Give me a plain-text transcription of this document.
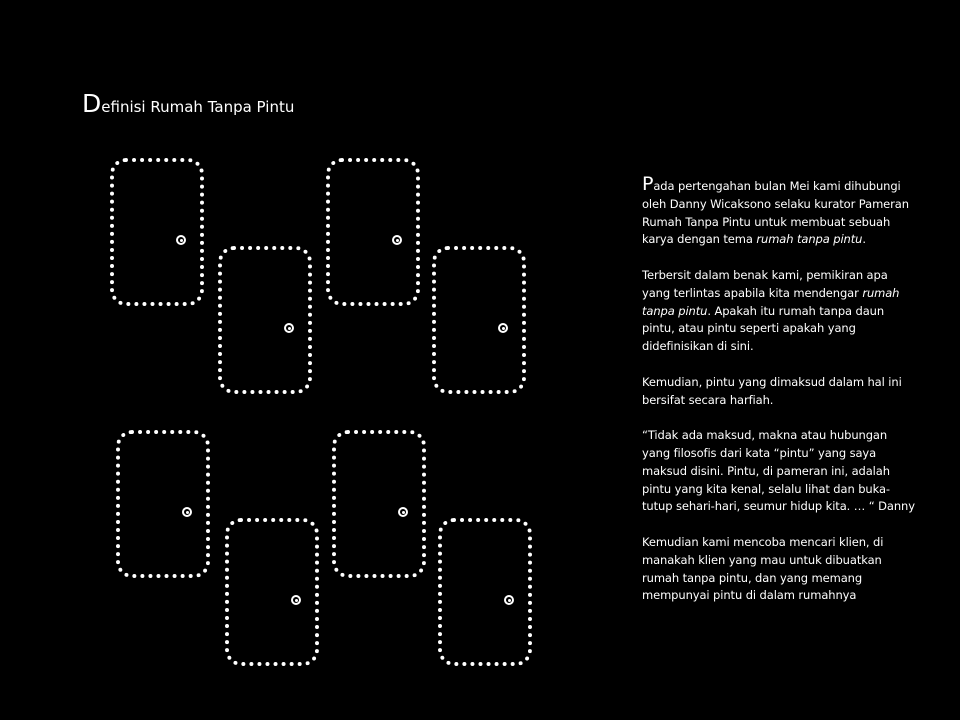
Definisi Rumah Tanpa Pintu

Pada pertengahan bulan Mei kami dihubungi oleh Danny Wicaksono selaku kurator Pameran Rumah Tanpa Pintu untuk membuat sebuah karya dengan tema rumah tanpa pintu.

Terbersit dalam benak kami, pemikiran apa yang terlintas apabila kita mendengar rumah tanpa pintu. Apakah itu rumah tanpa daun pintu, atau pintu seperti apakah yang didefinisikan di sini.

Kemudian, pintu yang dimaksud dalam hal ini bersifat secara harfiah.

“Tidak ada maksud, makna atau hubungan yang filosofis dari kata “pintu” yang saya maksud disini. Pintu, di pameran ini, adalah pintu yang kita kenal, selalu lihat dan buka-tutup sehari-hari, seumur hidup kita. … “ Danny

Kemudian kami mencoba mencari klien, di manakah klien yang mau untuk dibuatkan rumah tanpa pintu, dan yang memang mempunyai pintu di dalam rumahnya
